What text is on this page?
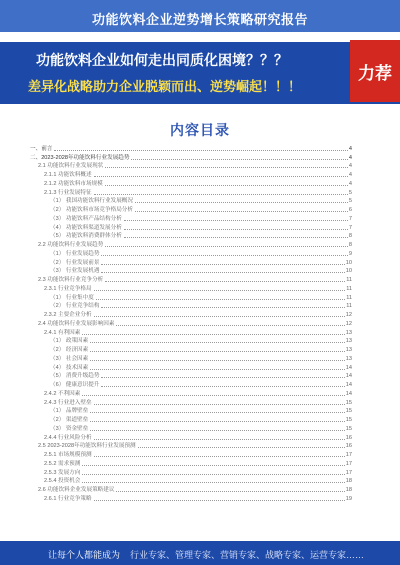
功能饮料企业逆势增长策略研究报告
功能饮料企业如何走出同质化困境？？？
差异化战略助力企业脱颖而出、逆势崛起！！！
力荐
内容目录
一、前言	4
二、2023-2028年功能饮料行业发展趋势	4
2.1 功能饮料行业发展现状	4
2.1.1 功能饮料概述	4
2.1.2 功能饮料市场规模	4
2.1.3 行业发展特征	5
（1） 我国功能饮料行业发展概况	5
（2） 功能饮料市场竞争格局分析	6
（3） 功能饮料产品结构分析	7
（4） 功能饮料渠道发展分析	7
（5） 功能饮料消费群体分析	8
2.2 功能饮料行业发展趋势	8
（1） 行业发展趋势	9
（2） 行业发展前景	10
（3） 行业发展机遇	10
2.3 功能饮料行业竞争分析	11
2.3.1 行业竞争格局	11
（1） 行业集中度	11
（2） 行业竞争结构	11
2.3.2 主要企业分析	12
2.4 功能饮料行业发展影响因素	12
2.4.1 有利因素	13
（1） 政策因素	13
（2） 经济因素	13
（3） 社会因素	13
（4） 技术因素	14
（5） 消费升级趋势	14
（6） 健康意识提升	14
2.4.2 不利因素	14
2.4.3 行业进入壁垒	15
（1） 品牌壁垒	15
（2） 渠道壁垒	15
（3） 资金壁垒	15
2.4.4 行业风险分析	16
2.5 2023-2028年功能饮料行业发展预测	16
2.5.1 市场规模预测	17
2.5.2 需求预测	17
2.5.3 发展方向	17
2.5.4 投资机会	18
2.6 功能饮料企业发展策略建议	18
2.6.1 行业竞争策略	19
让每个人都能成为 行业专家、管理专家、营销专家、战略专家、运营专家……
